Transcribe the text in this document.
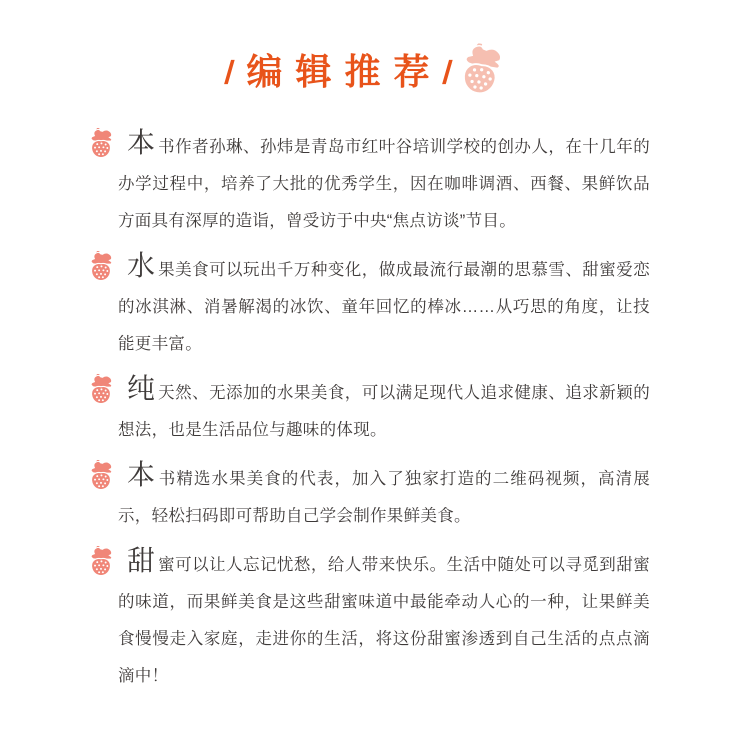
/ 编辑推荐
/

本书作者孙琳、孙炜是青岛市红叶谷培训学校的创办人，在十几年的办学过程中，培养了大批的优秀学生，因在咖啡调酒、西餐、果鲜饮品方面具有深厚的造诣，曾受访于中央“焦点访谈”节目。

水果美食可以玩出千万种变化，做成最流行最潮的思慕雪、甜蜜爱恋的冰淇淋、消暑解渴的冰饮、童年回忆的棒冰……从巧思的角度，让技能更丰富。

纯天然、无添加的水果美食，可以满足现代人追求健康、追求新颖的想法，也是生活品位与趣味的体现。

本书精选水果美食的代表，加入了独家打造的二维码视频，高清展示，轻松扫码即可帮助自己学会制作果鲜美食。

甜蜜可以让人忘记忧愁，给人带来快乐。生活中随处可以寻觅到甜蜜的味道，而果鲜美食是这些甜蜜味道中最能牵动人心的一种，让果鲜美食慢慢走入家庭，走进你的生活，将这份甜蜜渗透到自己生活的点点滴滴中！
